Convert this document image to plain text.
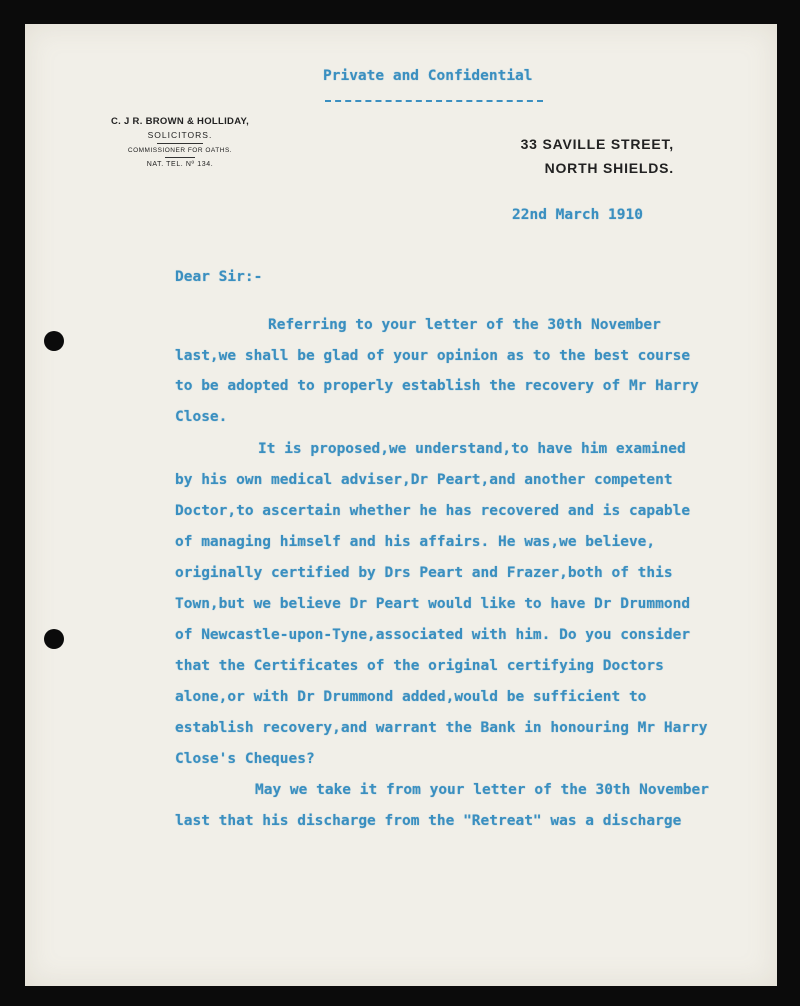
Private and Confidential
C. J R. BROWN & HOLLIDAY,
SOLICITORS.
COMMISSIONER FOR OATHS.
NAT. TEL. Nº 134.
33 SAVILLE STREET,
NORTH SHIELDS.
22nd March 1910
Dear Sir:-
Referring to your letter of the 30th November
last,we shall be glad of your opinion as to the best course
to be adopted to properly establish the recovery of Mr Harry
Close.
It is proposed,we understand,to have him examined
by his own medical adviser,Dr Peart,and another competent
Doctor,to ascertain whether he has recovered and is capable
of managing himself and his affairs. He was,we believe,
originally certified by Drs Peart and Frazer,both of this
Town,but we believe Dr Peart would like to have Dr Drummond
of Newcastle-upon-Tyne,associated with him. Do you consider
that the Certificates of the original certifying Doctors
alone,or with Dr Drummond added,would be sufficient to
establish recovery,and warrant the Bank in honouring Mr Harry
Close's Cheques?
May we take it from your letter of the 30th November
last that his discharge from the "Retreat" was a discharge
